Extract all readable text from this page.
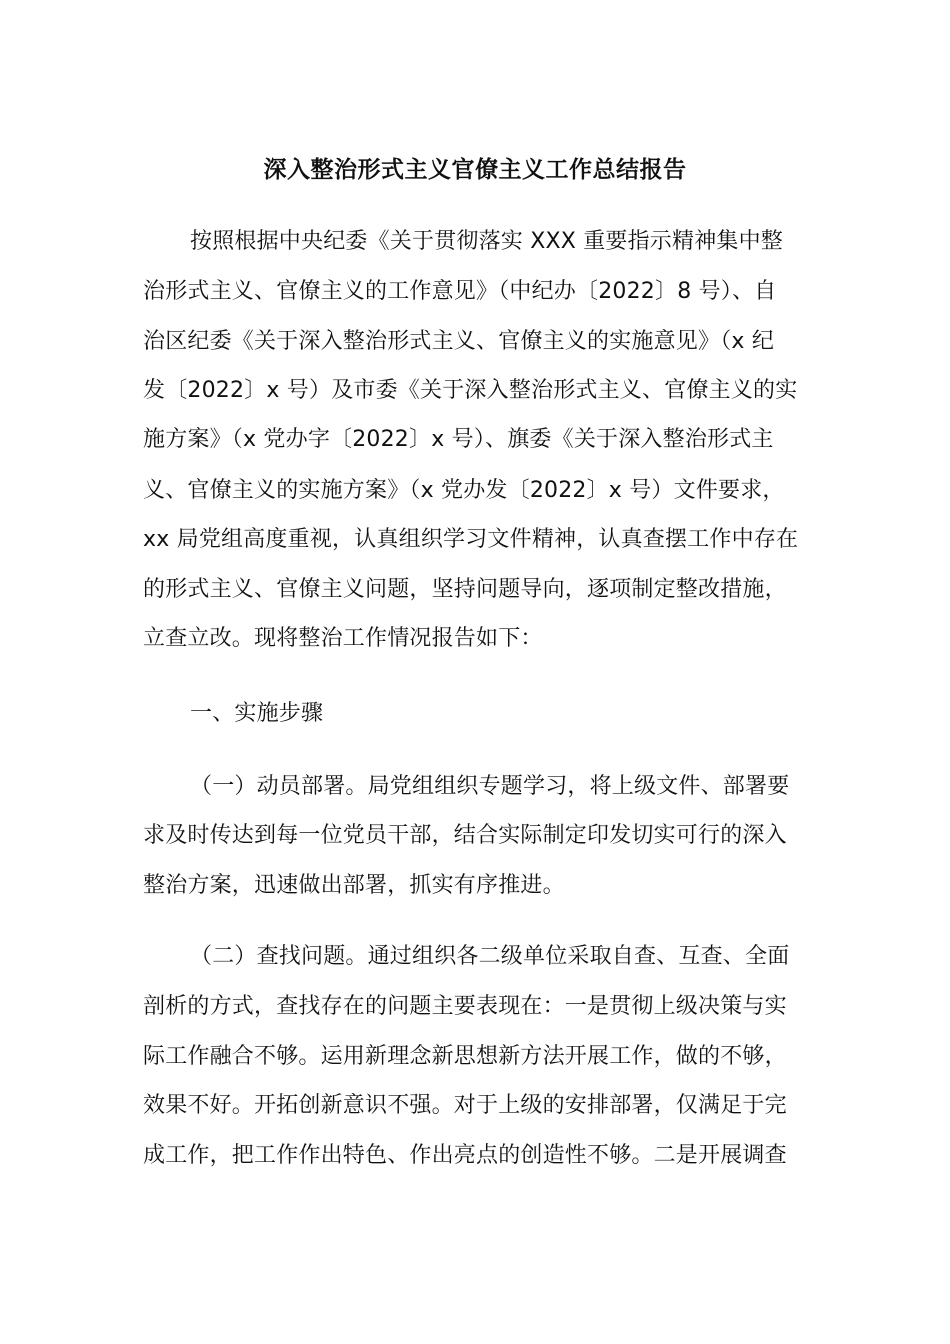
深入整治形式主义官僚主义工作总结报告
按照根据中央纪委《关于贯彻落实 XXX 重要指示精神集中整
治形式主义、官僚主义的工作意见》（中纪办〔2022〕8 号）、自
治区纪委《关于深入整治形式主义、官僚主义的实施意见》（x 纪
发〔2022〕x 号）及市委《关于深入整治形式主义、官僚主义的实
施方案》（x 党办字〔2022〕x 号）、旗委《关于深入整治形式主
义、官僚主义的实施方案》（x 党办发〔2022〕x 号）文件要求，
xx 局党组高度重视，认真组织学习文件精神，认真查摆工作中存在
的形式主义、官僚主义问题，坚持问题导向，逐项制定整改措施，
立查立改。现将整治工作情况报告如下：
一、实施步骤
（一）动员部署。局党组组织专题学习，将上级文件、部署要
求及时传达到每一位党员干部，结合实际制定印发切实可行的深入
整治方案，迅速做出部署，抓实有序推进。
（二）查找问题。通过组织各二级单位采取自查、互查、全面
剖析的方式，查找存在的问题主要表现在：一是贯彻上级决策与实
际工作融合不够。运用新理念新思想新方法开展工作，做的不够，
效果不好。开拓创新意识不强。对于上级的安排部署，仅满足于完
成工作，把工作作出特色、作出亮点的创造性不够。二是开展调查
